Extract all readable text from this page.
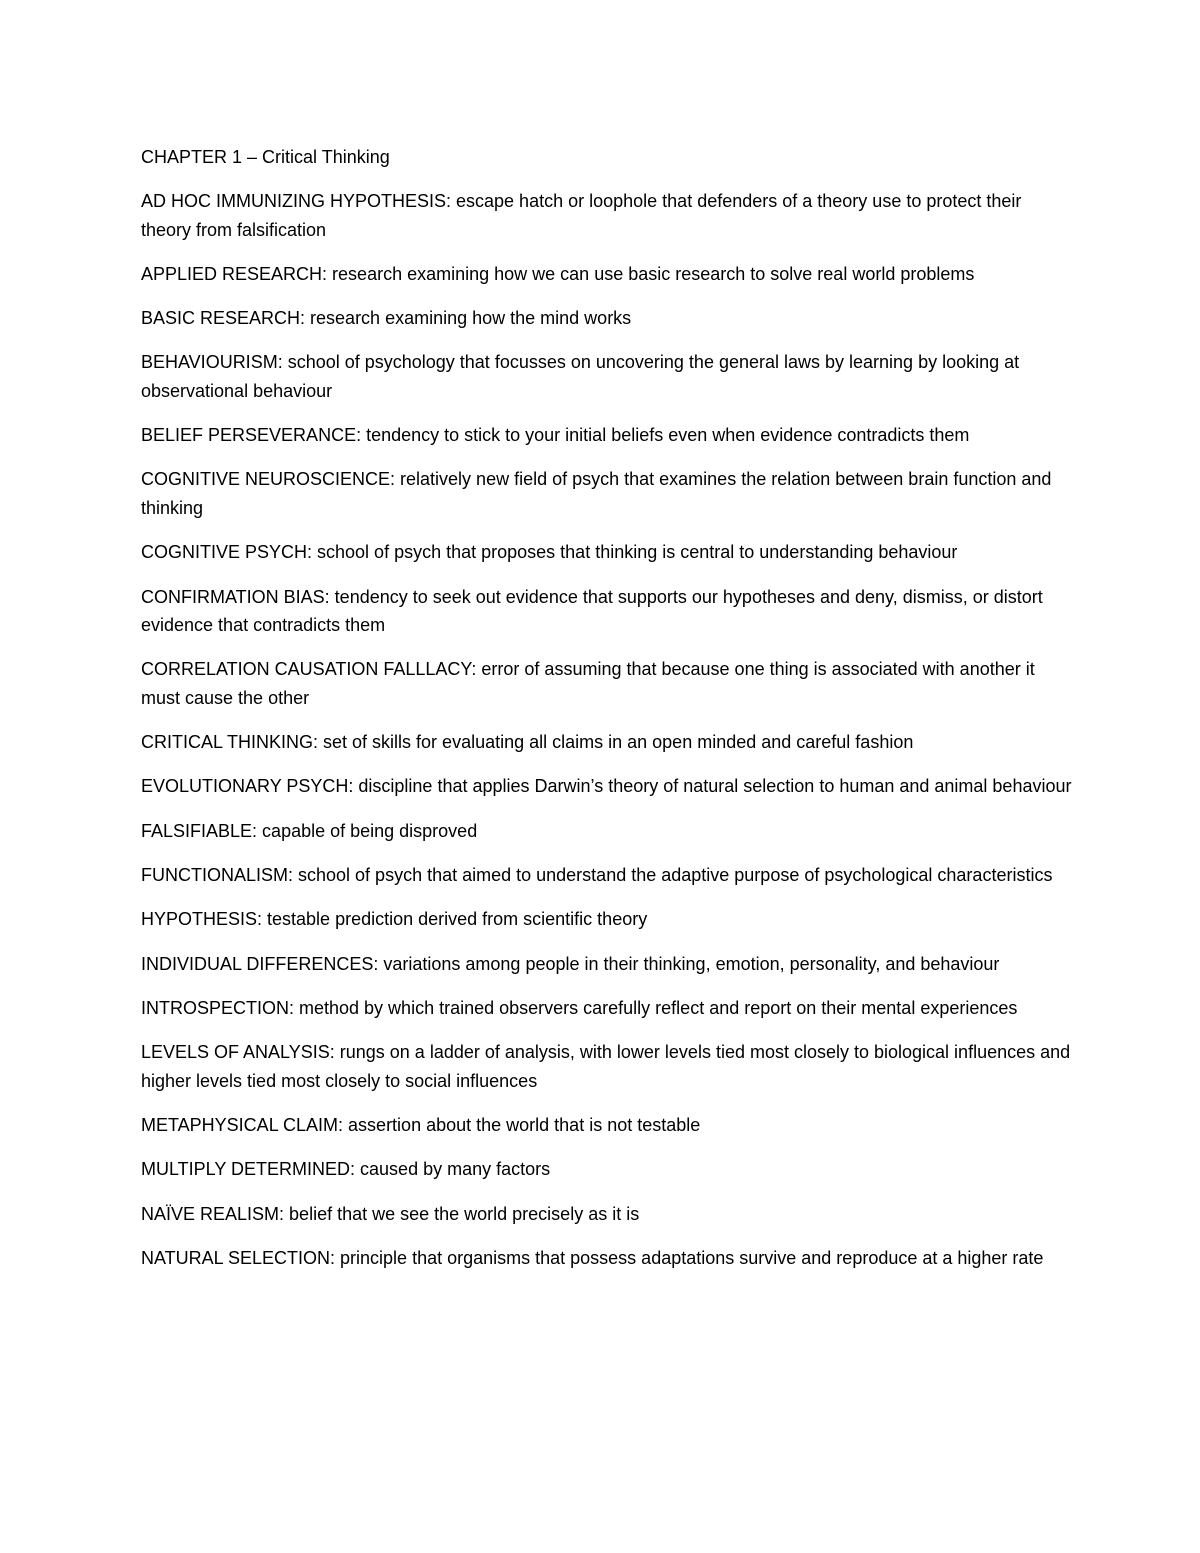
CHAPTER 1 – Critical Thinking
AD HOC IMMUNIZING HYPOTHESIS: escape hatch or loophole that defenders of a theory use to protect their theory from falsification
APPLIED RESEARCH: research examining how we can use basic research to solve real world problems
BASIC RESEARCH: research examining how the mind works
BEHAVIOURISM: school of psychology that focusses on uncovering the general laws by learning by looking at observational behaviour
BELIEF PERSEVERANCE: tendency to stick to your initial beliefs even when evidence contradicts them
COGNITIVE NEUROSCIENCE: relatively new field of psych that examines the relation between brain function and thinking
COGNITIVE PSYCH: school of psych that proposes that thinking is central to understanding behaviour
CONFIRMATION BIAS: tendency to seek out evidence that supports our hypotheses and deny, dismiss, or distort evidence that contradicts them
CORRELATION CAUSATION FALLLACY: error of assuming that because one thing is associated with another it must cause the other
CRITICAL THINKING: set of skills for evaluating all claims in an open minded and careful fashion
EVOLUTIONARY PSYCH: discipline that applies Darwin’s theory of natural selection to human and animal behaviour
FALSIFIABLE: capable of being disproved
FUNCTIONALISM: school of psych that aimed to understand the adaptive purpose of psychological characteristics
HYPOTHESIS: testable prediction derived from scientific theory
INDIVIDUAL DIFFERENCES: variations among people in their thinking, emotion, personality, and behaviour
INTROSPECTION: method by which trained observers carefully reflect and report on their mental experiences
LEVELS OF ANALYSIS: rungs on a ladder of analysis, with lower levels tied most closely to biological influences and higher levels tied most closely to social influences
METAPHYSICAL CLAIM: assertion about the world that is not testable
MULTIPLY DETERMINED: caused by many factors
NAÏVE REALISM: belief that we see the world precisely as it is
NATURAL SELECTION: principle that organisms that possess adaptations survive and reproduce at a higher rate
